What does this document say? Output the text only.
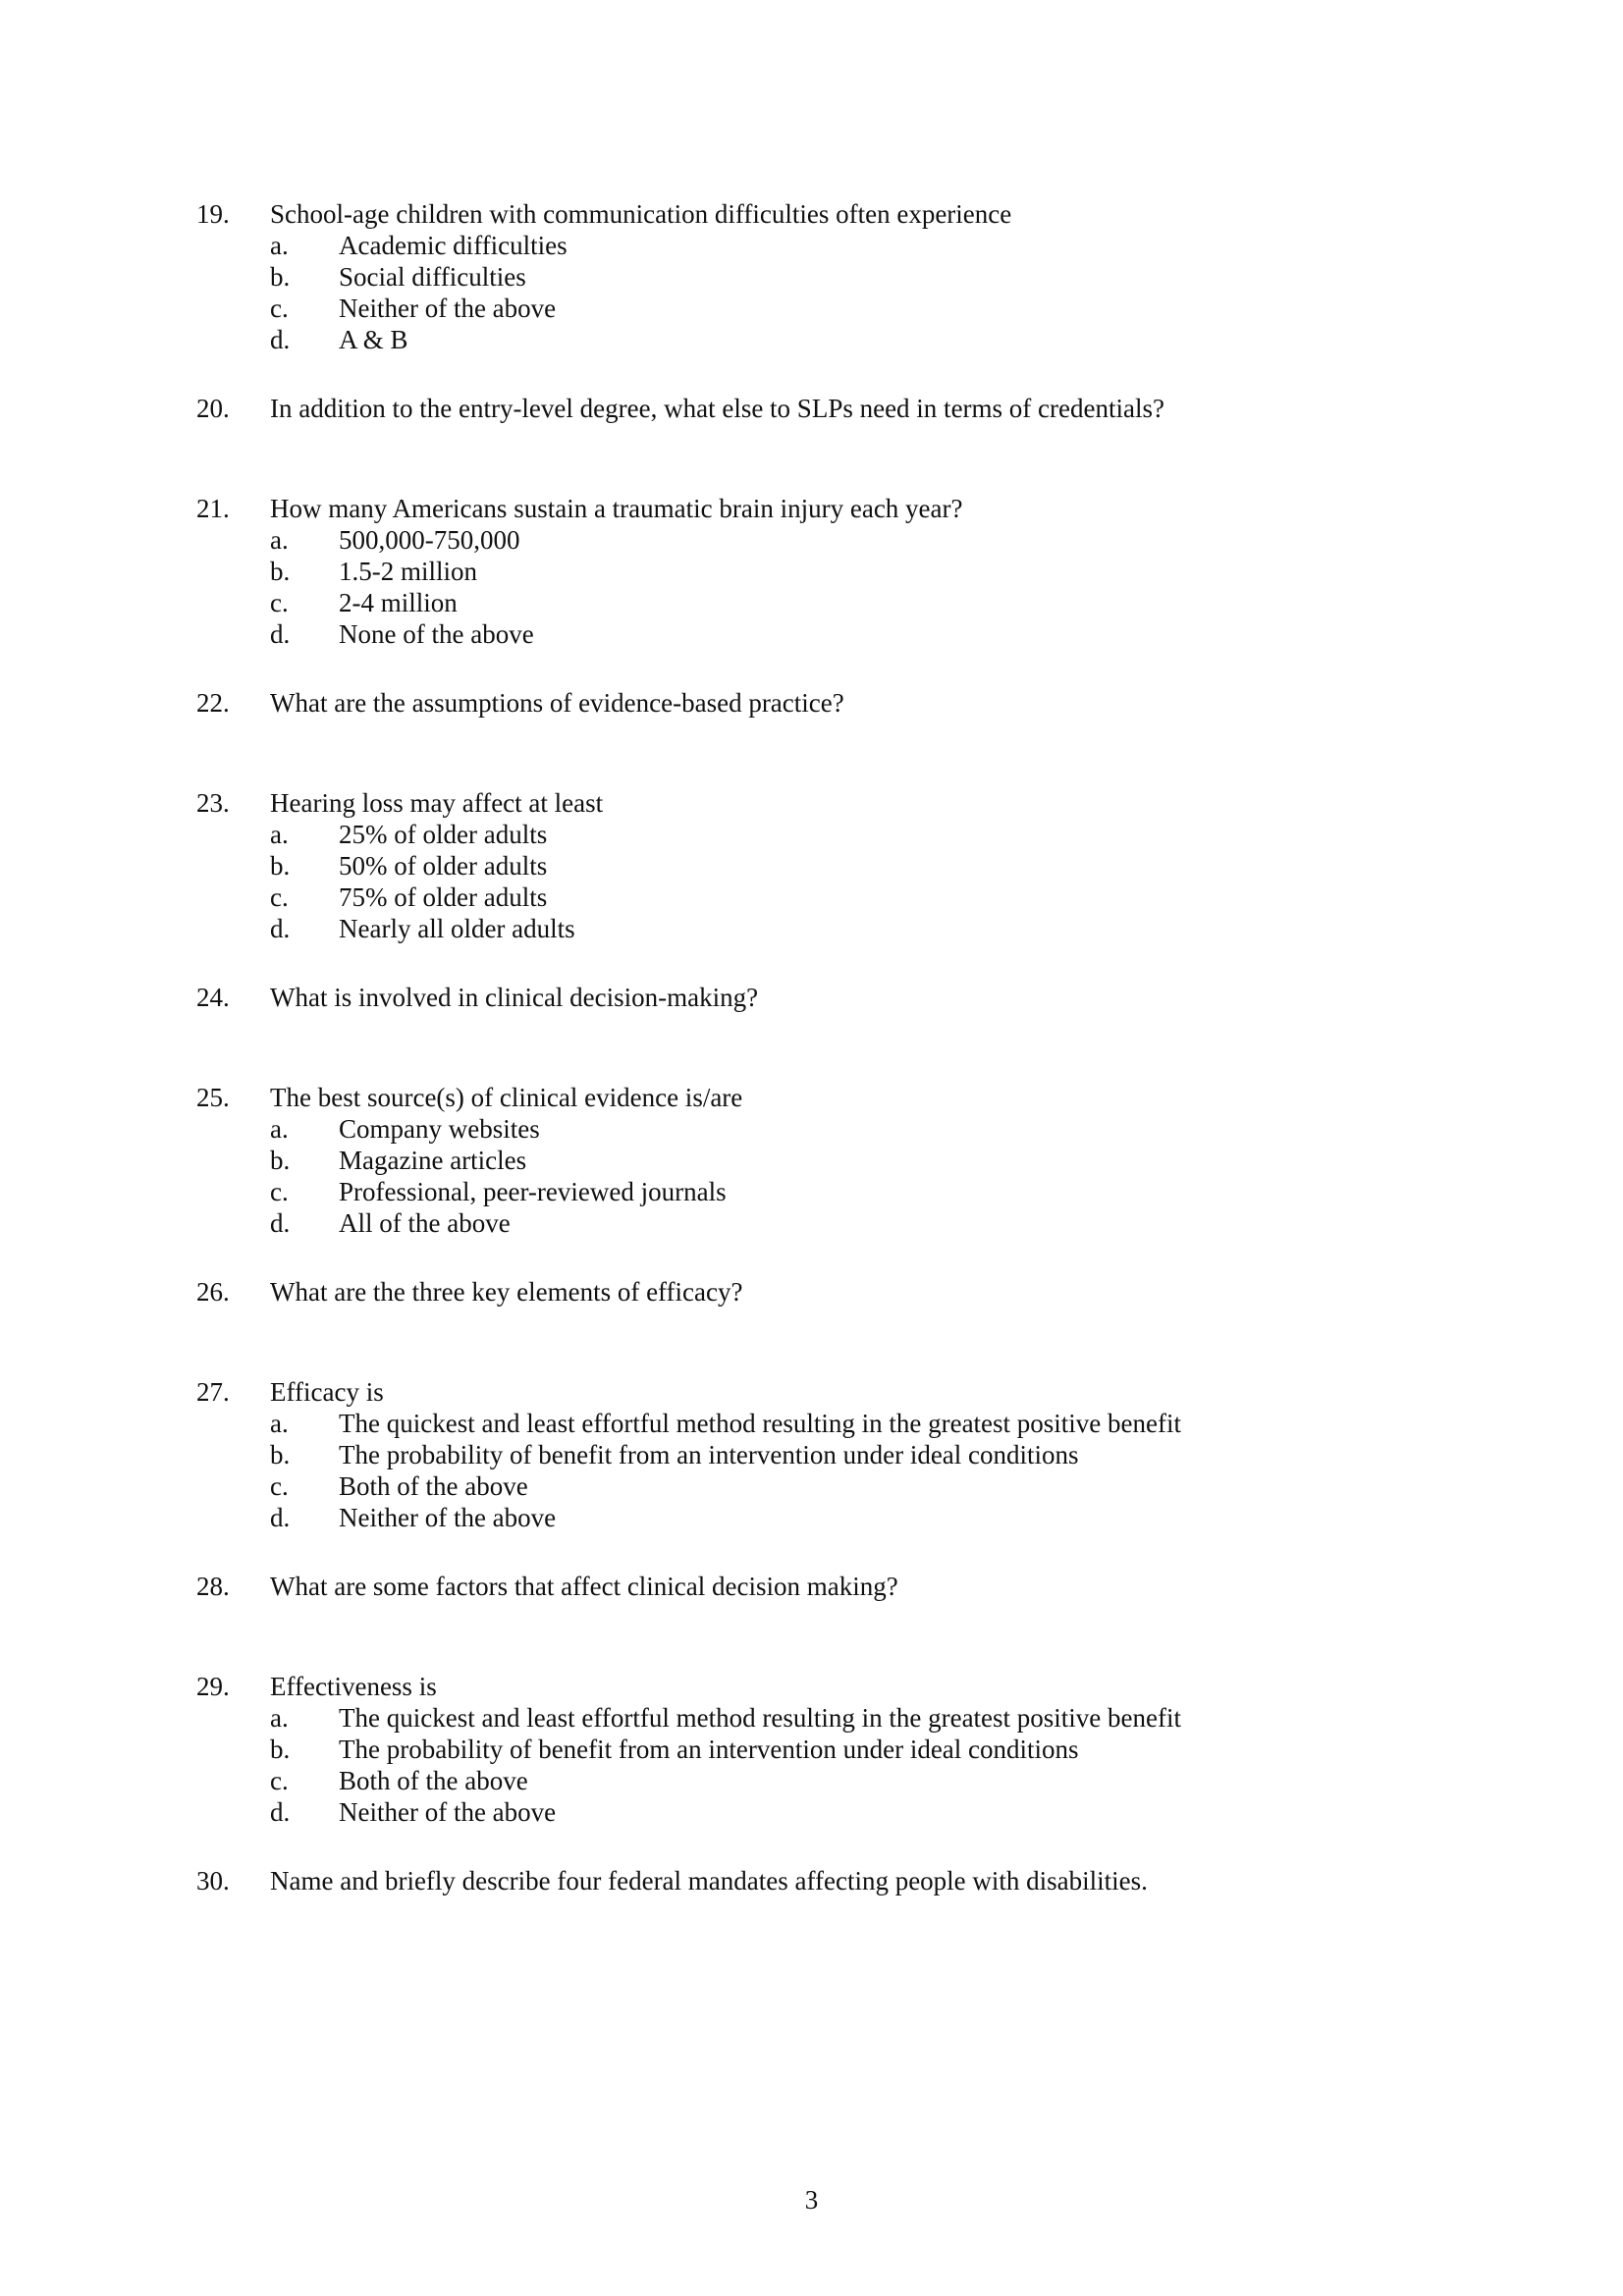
19. School-age children with communication difficulties often experience
a. Academic difficulties
b. Social difficulties
c. Neither of the above
d. A & B
20. In addition to the entry-level degree, what else to SLPs need in terms of credentials?
21. How many Americans sustain a traumatic brain injury each year?
a. 500,000-750,000
b. 1.5-2 million
c. 2-4 million
d. None of the above
22. What are the assumptions of evidence-based practice?
23. Hearing loss may affect at least
a. 25% of older adults
b. 50% of older adults
c. 75% of older adults
d. Nearly all older adults
24. What is involved in clinical decision-making?
25. The best source(s) of clinical evidence is/are
a. Company websites
b. Magazine articles
c. Professional, peer-reviewed journals
d. All of the above
26. What are the three key elements of efficacy?
27. Efficacy is
a. The quickest and least effortful method resulting in the greatest positive benefit
b. The probability of benefit from an intervention under ideal conditions
c. Both of the above
d. Neither of the above
28. What are some factors that affect clinical decision making?
29. Effectiveness is
a. The quickest and least effortful method resulting in the greatest positive benefit
b. The probability of benefit from an intervention under ideal conditions
c. Both of the above
d. Neither of the above
30. Name and briefly describe four federal mandates affecting people with disabilities.
3
